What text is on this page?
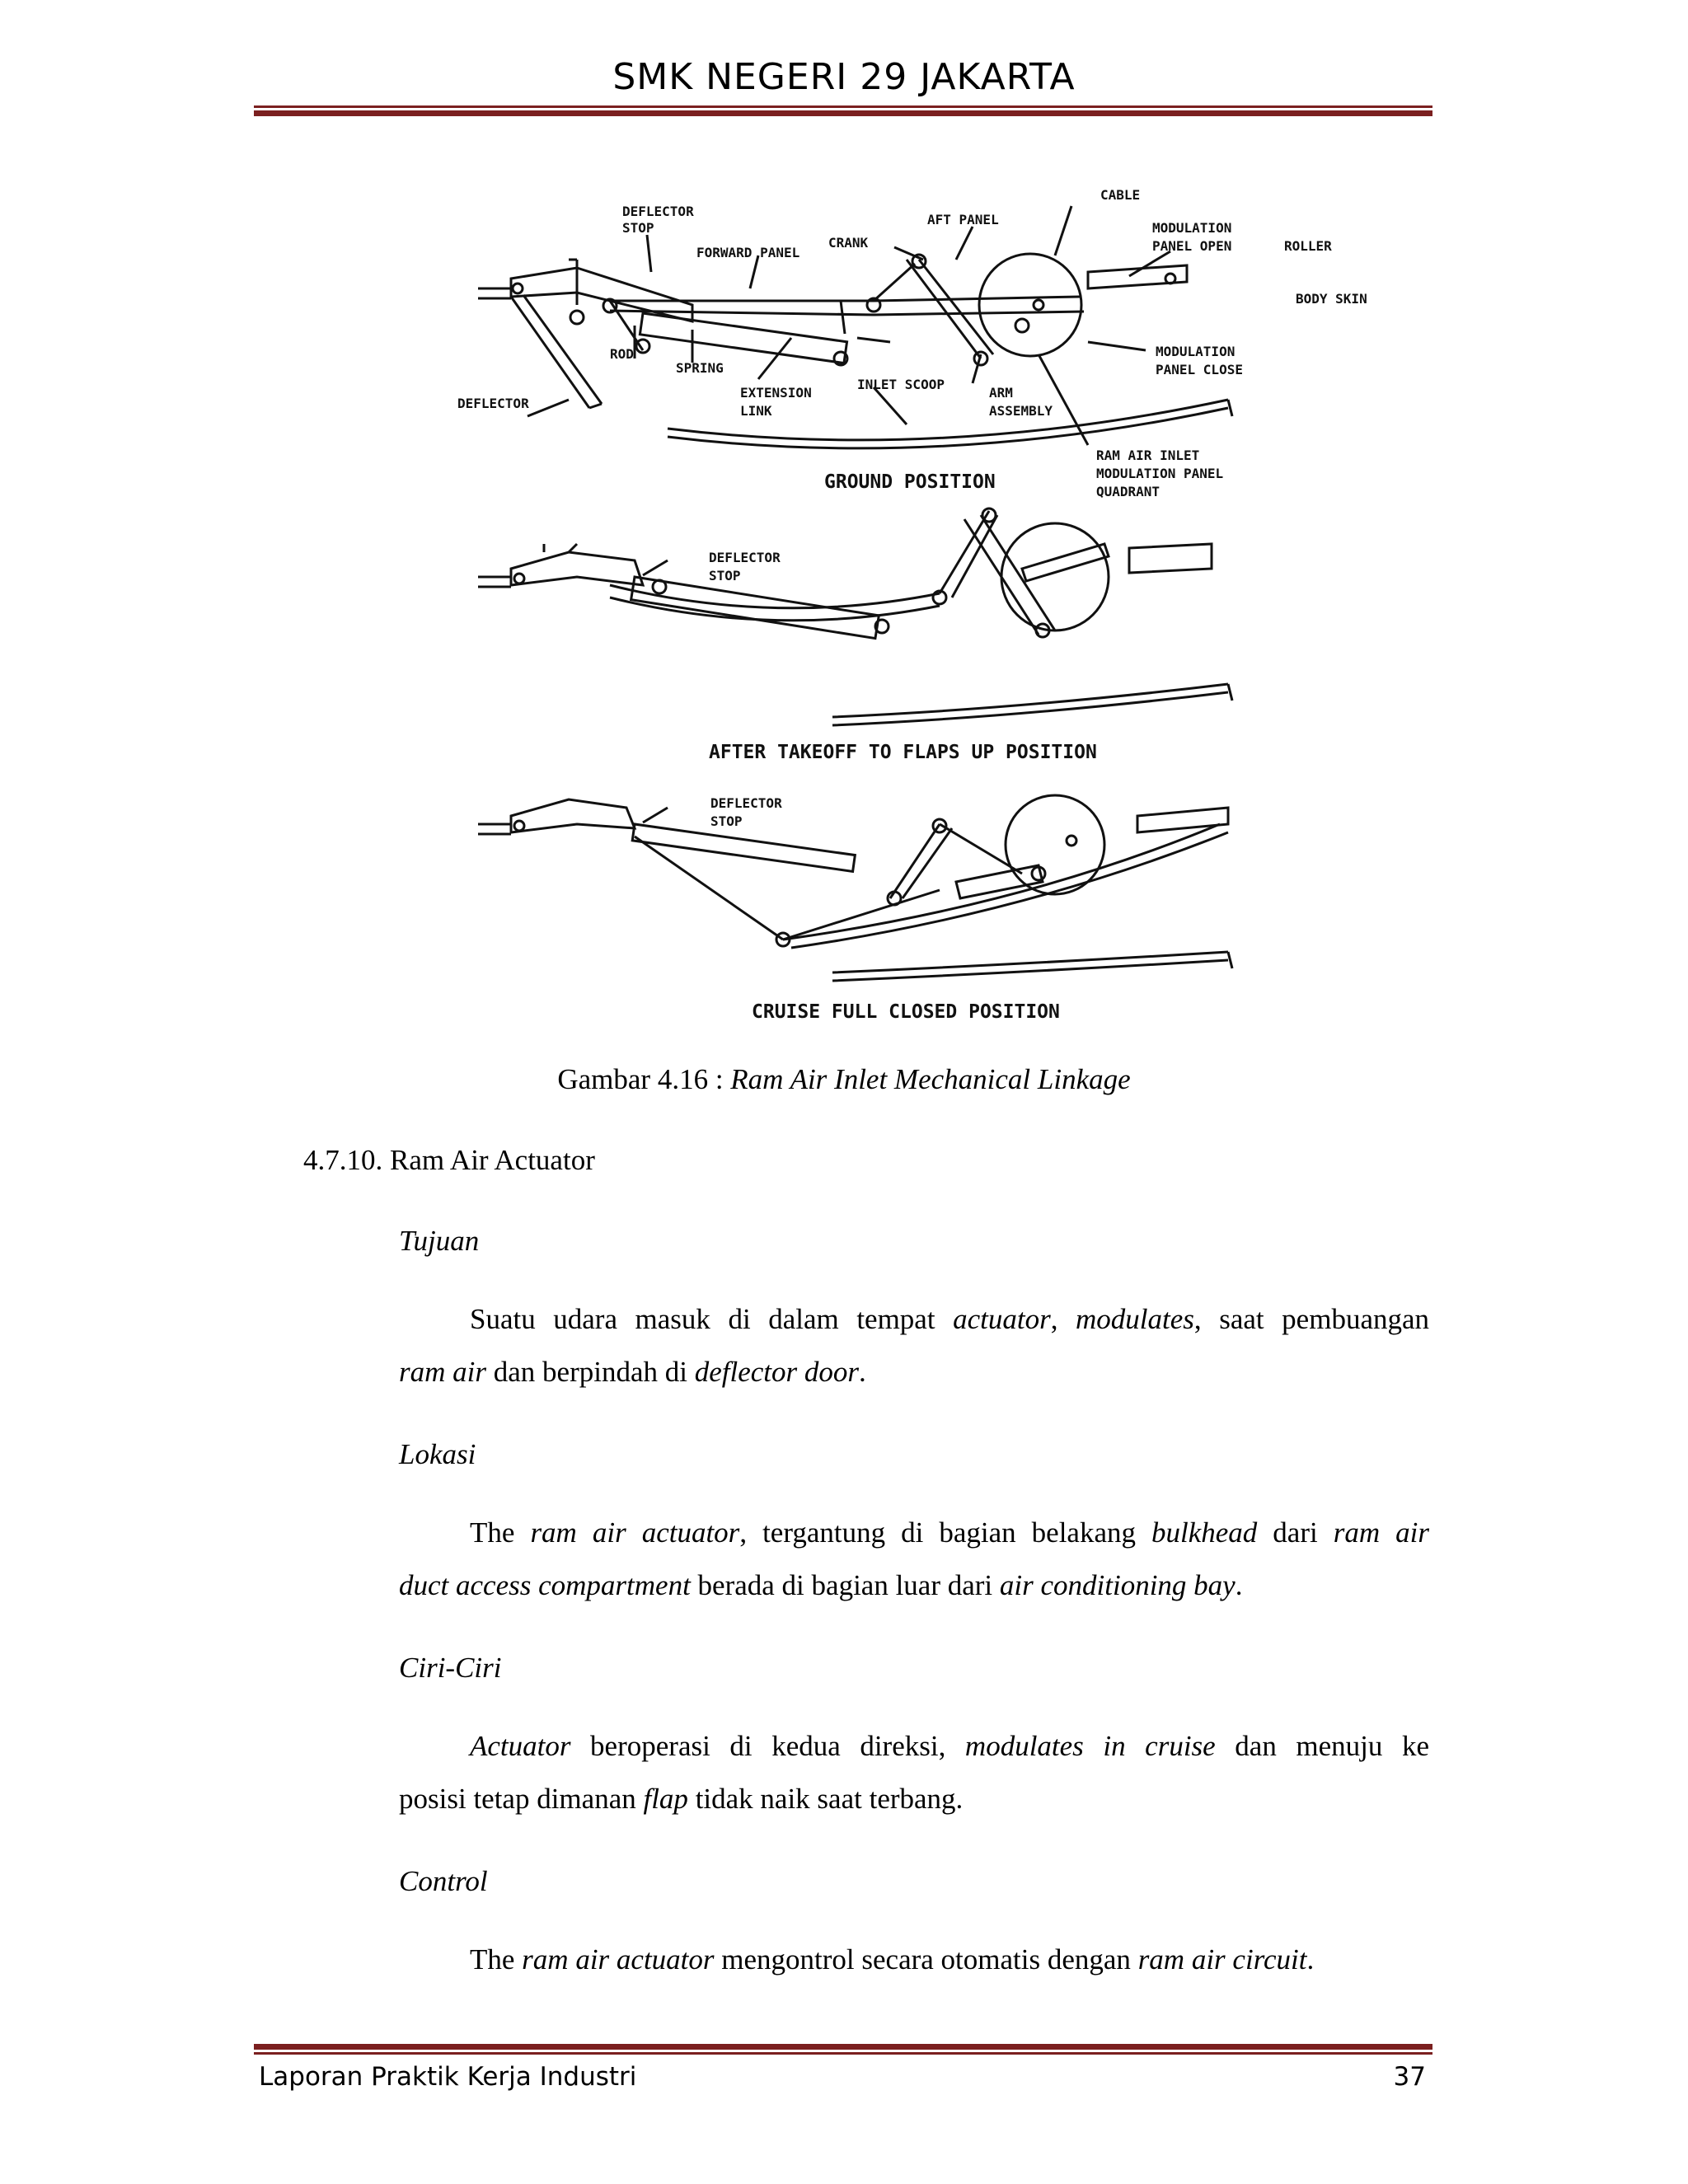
SMK NEGERI 29 JAKARTA
DEFLECTOR
STOP
FORWARD PANEL
CRANK
AFT PANEL
CABLE
MODULATION
PANEL OPEN	ROLLER
BODY SKIN
ROD
SPRING
EXTENSION
LINK
INLET SCOOP
ARM
ASSEMBLY
MODULATION
PANEL CLOSE
DEFLECTOR
RAM AIR INLET
MODULATION PANEL
QUADRANT
GROUND POSITION
DEFLECTOR
STOP
AFTER TAKEOFF TO FLAPS UP POSITION
DEFLECTOR
STOP
CRUISE FULL CLOSED POSITION
Gambar 4.16 : Ram Air Inlet Mechanical Linkage
4.7.10. Ram Air Actuator
Tujuan
Suatu udara masuk di dalam tempat actuator, modulates, saat pembuangan
ram air dan berpindah di deflector door.
Lokasi
The ram air actuator, tergantung di bagian belakang bulkhead dari ram air
duct access compartment berada di bagian luar dari air conditioning bay.
Ciri-Ciri
Actuator beroperasi di kedua direksi, modulates in cruise dan menuju ke
posisi tetap dimanan flap tidak naik saat terbang.
Control
The ram air actuator mengontrol secara otomatis dengan ram air circuit.
Laporan Praktik Kerja Industri	37
